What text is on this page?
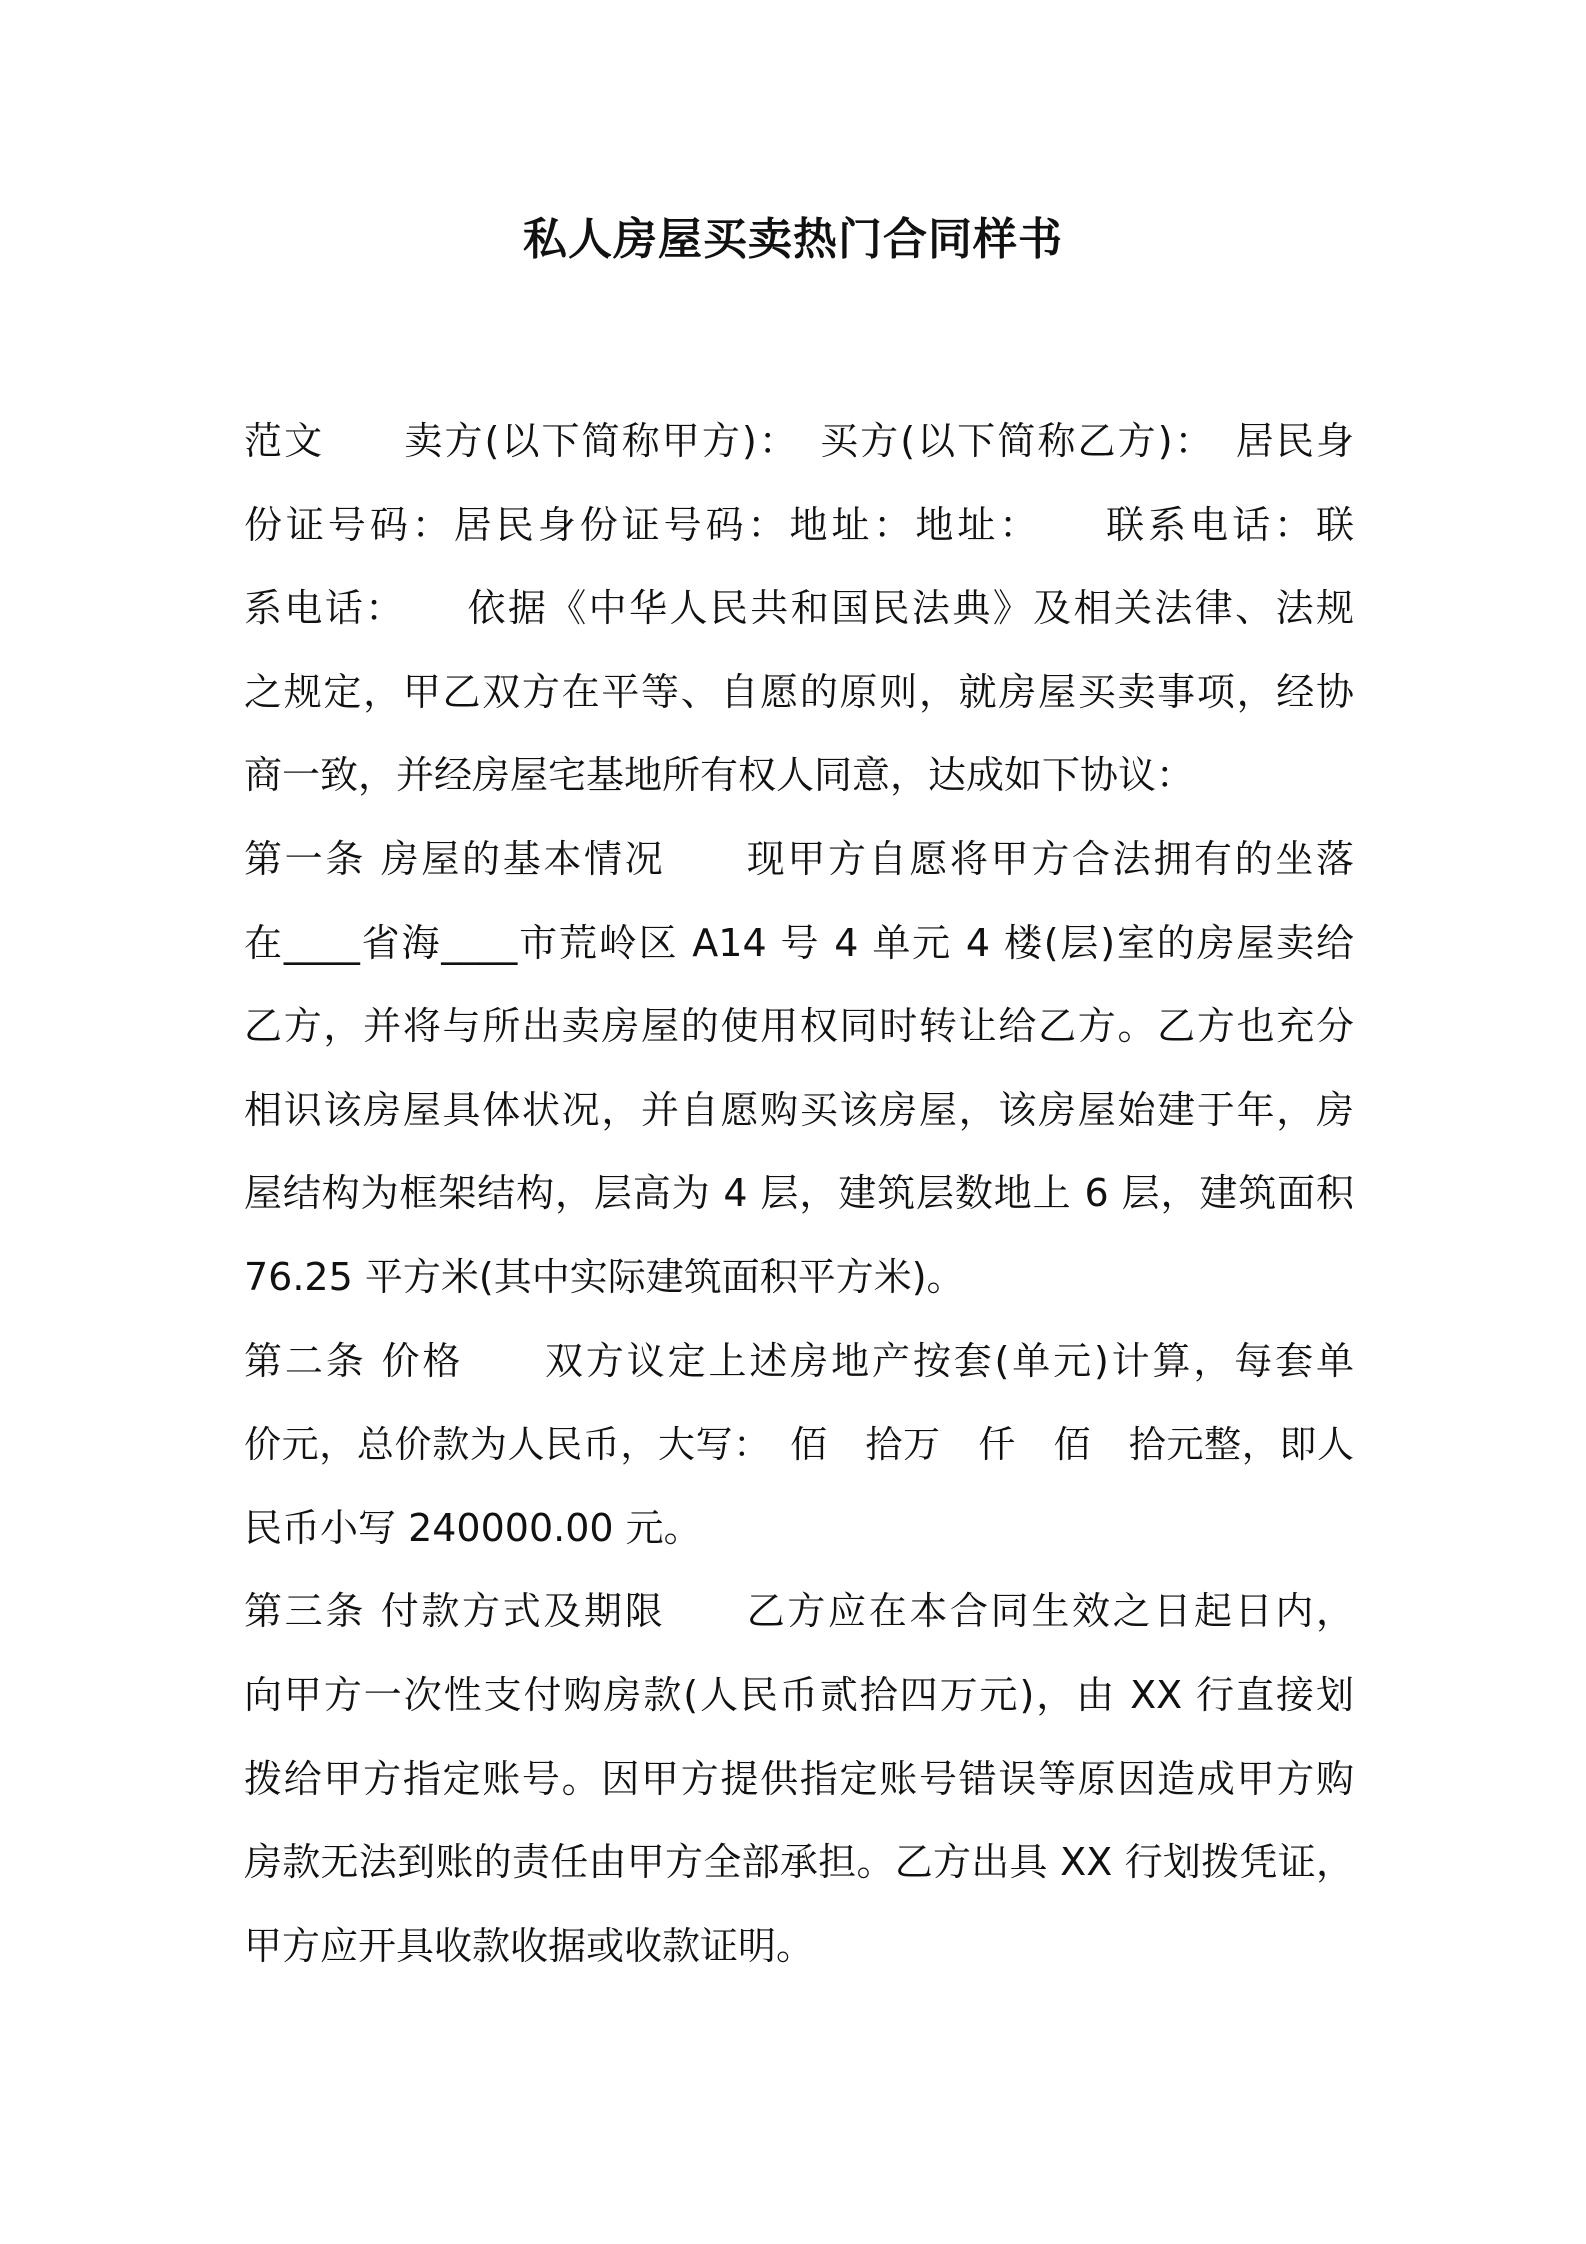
私人房屋买卖热门合同样书
范文　　卖方(以下简称甲方)：　买方(以下简称乙方)：　居民身
份证号码：居民身份证号码：地址：地址：　　联系电话：联
系电话：　　依据《中华人民共和国民法典》及相关法律、法规
之规定，甲乙双方在平等、自愿的原则，就房屋买卖事项，经协
商一致，并经房屋宅基地所有权人同意，达成如下协议：
第一条 房屋的基本情况　　现甲方自愿将甲方合法拥有的坐落
在____省海____市荒岭区 A14 号 4 单元 4 楼(层)室的房屋卖给
乙方，并将与所出卖房屋的使用权同时转让给乙方。乙方也充分
相识该房屋具体状况，并自愿购买该房屋，该房屋始建于年，房
屋结构为框架结构，层高为 4 层，建筑层数地上 6 层，建筑面积
76.25 平方米(其中实际建筑面积平方米)。
第二条 价格　　双方议定上述房地产按套(单元)计算，每套单
价元，总价款为人民币，大写：　佰　拾万　仟　佰　拾元整，即人
民币小写 240000.00 元。
第三条 付款方式及期限　　乙方应在本合同生效之日起日内，
向甲方一次性支付购房款(人民币贰拾四万元)，由 XX 行直接划
拨给甲方指定账号。因甲方提供指定账号错误等原因造成甲方购
房款无法到账的责任由甲方全部承担。乙方出具 XX 行划拨凭证，
甲方应开具收款收据或收款证明。
